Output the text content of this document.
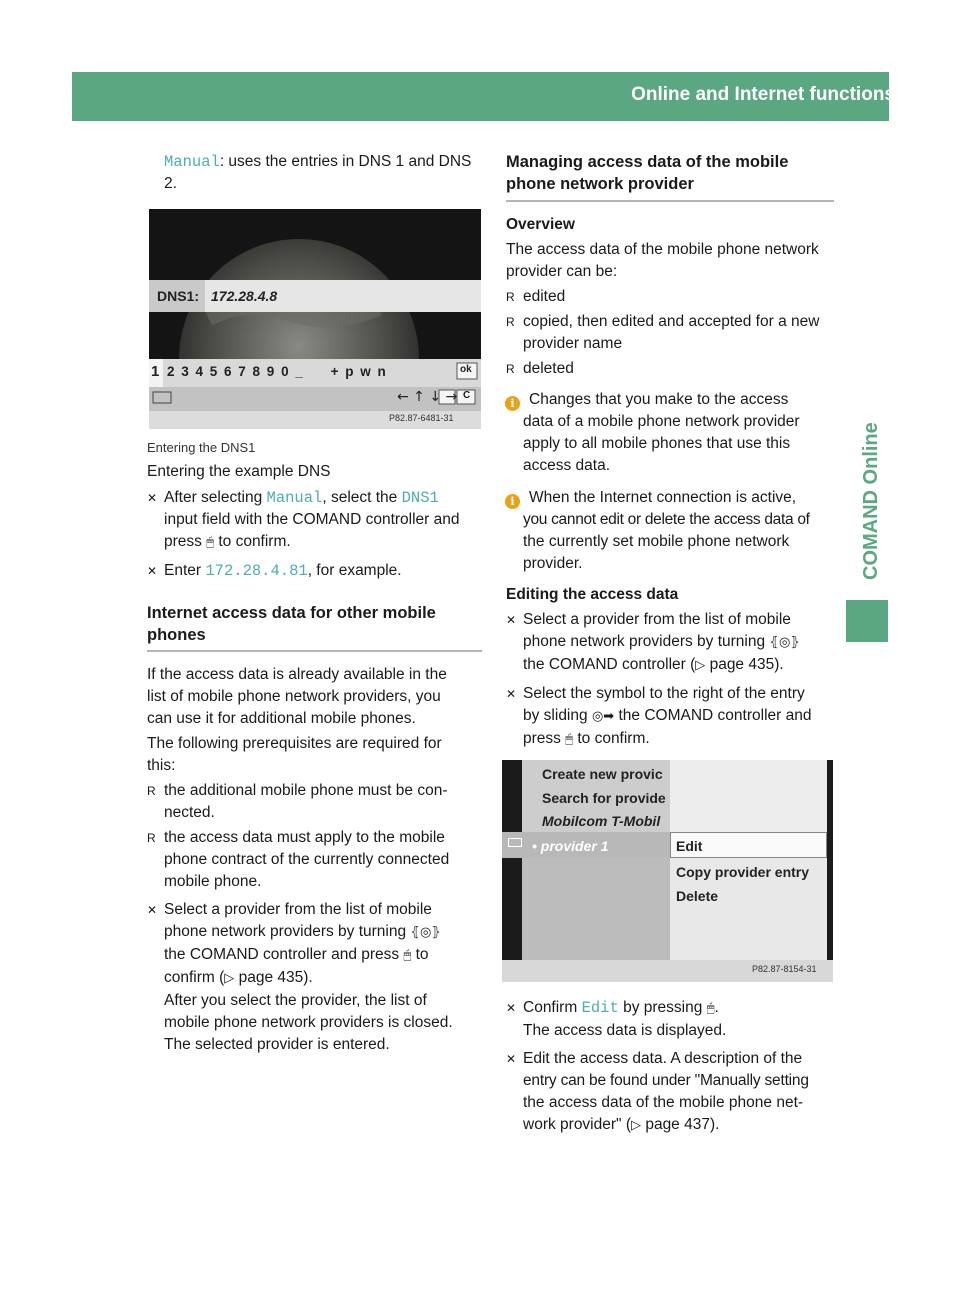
Online and Internet functions	439
COMAND Online

Manual: uses the entries in DNS 1 and DNS
2.

DNS1: 172.28.4.8
1 2 3 4 5 6 7 8 9 0 _     + p w n	ok
← ↑ ↓ → C
P82.87-6481-31
Entering the DNS1

Entering the example DNS

✕ After selecting Manual, select the DNS1
input field with the COMAND controller and
press 🖱 to confirm.
✕ Enter 172.28.4.81, for example.
Internet access data for other mobile
phones

If the access data is already available in the
list of mobile phone network providers, you
can use it for additional mobile phones.

The following prerequisites are required for
this:

R the additional mobile phone must be con-
nected.
R the access data must apply to the mobile
phone contract of the currently connected
mobile phone.
✕ Select a provider from the list of mobile
phone network providers by turning ⦃◎⦄
the COMAND controller and press 🖱 to
confirm (▷ page 435).
After you select the provider, the list of
mobile phone network providers is closed.
The selected provider is entered.
Managing access data of the mobile
phone network provider
Overview

The access data of the mobile phone network
provider can be:

R edited
R copied, then edited and accepted for a new
provider name
R deleted
i Changes that you make to the access
data of a mobile phone network provider
apply to all mobile phones that use this
access data.
i When the Internet connection is active,
you cannot edit or delete the access data of
the currently set mobile phone network
provider.
Editing the access data
✕ Select a provider from the list of mobile
phone network providers by turning ⦃◎⦄
the COMAND controller (▷ page 435).
✕ Select the symbol to the right of the entry
by sliding ◎➡ the COMAND controller and
press 🖱 to confirm.
Create new provic
Search for provide
Mobilcom T-Mobil
• provider 1	Edit
Copy provider entry
Delete
P82.87-8154-31
✕ Confirm Edit by pressing 🖱.
The access data is displayed.
✕ Edit the access data. A description of the
entry can be found under "Manually setting
the access data of the mobile phone net-
work provider" (▷ page 437).
